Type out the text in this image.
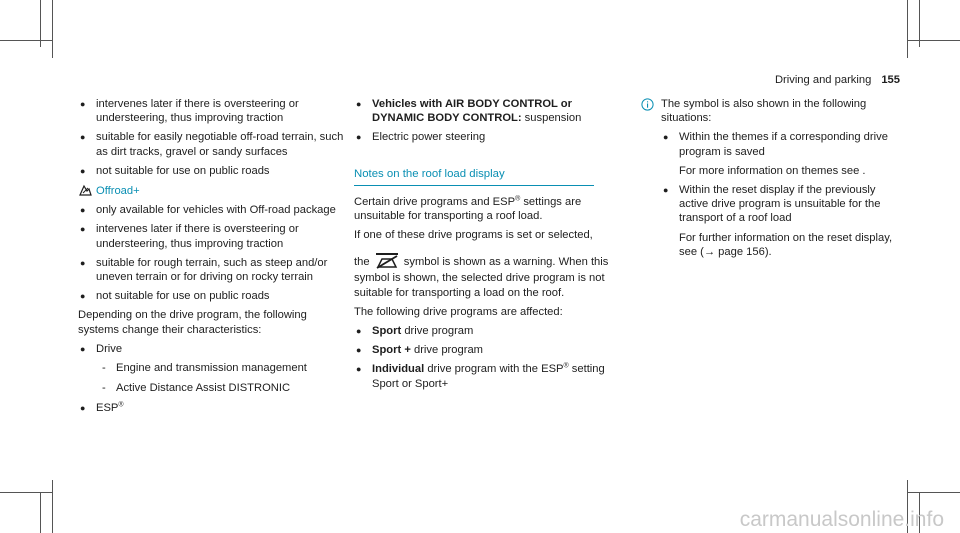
Driving and parking 155
● intervenes later if there is oversteering or understeering, thus improving traction
● suitable for easily negotiable off-road terrain, such as dirt tracks, gravel or sandy surfaces
● not suitable for use on public roads
Offroad+
● only available for vehicles with Off-road package
● intervenes later if there is oversteering or understeering, thus improving traction
● suitable for rough terrain, such as steep and/or uneven terrain or for driving on rocky terrain
● not suitable for use on public roads

Depending on the drive program, the following systems change their characteristics:

● Drive
- Engine and transmission management
- Active Distance Assist DISTRONIC
● ESP®
● Vehicles with AIR BODY CONTROL or DYNAMIC BODY CONTROL: suspension
● Electric power steering
Notes on the roof load display

Certain drive programs and ESP® settings are unsuitable for transporting a roof load.

If one of these drive programs is set or selected,

the	symbol is shown as a warning. When this symbol is shown, the selected drive program is not suitable for transporting a load on the roof.

The following drive programs are affected:

● Sport drive program
● Sport + drive program
● Individual drive program with the ESP® setting Sport or Sport+

The symbol is also shown in the following situations:

● Within the themes if a corresponding drive program is saved

For more information on themes see .

● Within the reset display if the previously active drive program is unsuitable for the transport of a roof load

For further information on the reset display, see (→ page 156).

carmanualsonline.info
